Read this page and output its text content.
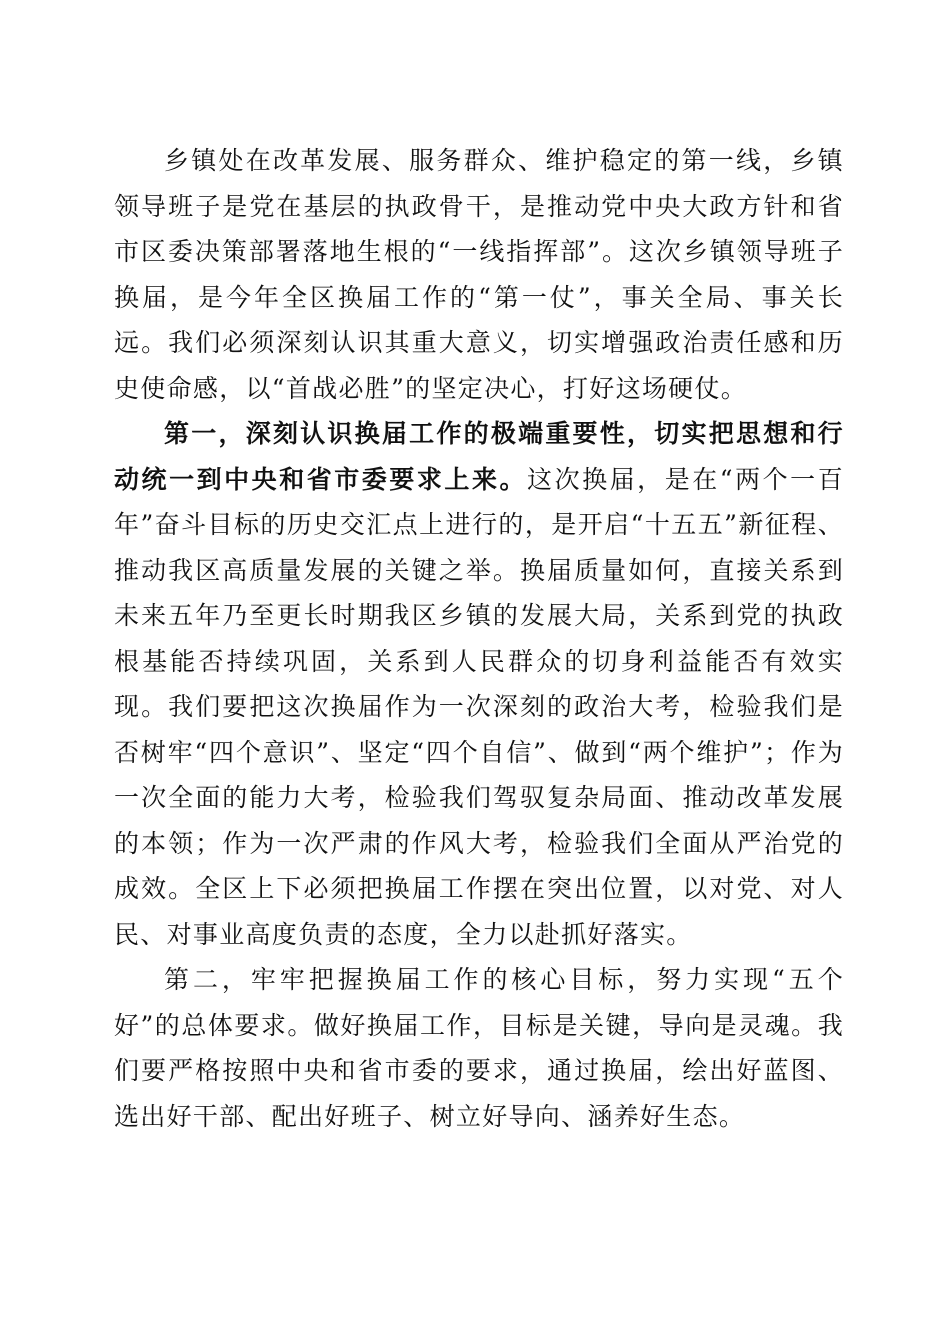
乡镇处在改革发展、服务群众、维护稳定的第一线，乡镇领导班子是党在基层的执政骨干，是推动党中央大政方针和省市区委决策部署落地生根的“一线指挥部”。这次乡镇领导班子换届，是今年全区换届工作的“第一仗”，事关全局、事关长远。我们必须深刻认识其重大意义，切实增强政治责任感和历史使命感，以“首战必胜”的坚定决心，打好这场硬仗。

第一，深刻认识换届工作的极端重要性，切实把思想和行动统一到中央和省市委要求上来。这次换届，是在“两个一百年”奋斗目标的历史交汇点上进行的，是开启“十五五”新征程、推动我区高质量发展的关键之举。换届质量如何，直接关系到未来五年乃至更长时期我区乡镇的发展大局，关系到党的执政根基能否持续巩固，关系到人民群众的切身利益能否有效实现。我们要把这次换届作为一次深刻的政治大考，检验我们是否树牢“四个意识”、坚定“四个自信”、做到“两个维护”；作为一次全面的能力大考，检验我们驾驭复杂局面、推动改革发展的本领；作为一次严肃的作风大考，检验我们全面从严治党的成效。全区上下必须把换届工作摆在突出位置，以对党、对人民、对事业高度负责的态度，全力以赴抓好落实。

第二，牢牢把握换届工作的核心目标，努力实现“五个好”的总体要求。做好换届工作，目标是关键，导向是灵魂。我们要严格按照中央和省市委的要求，通过换届，绘出好蓝图、选出好干部、配出好班子、树立好导向、涵养好生态。
